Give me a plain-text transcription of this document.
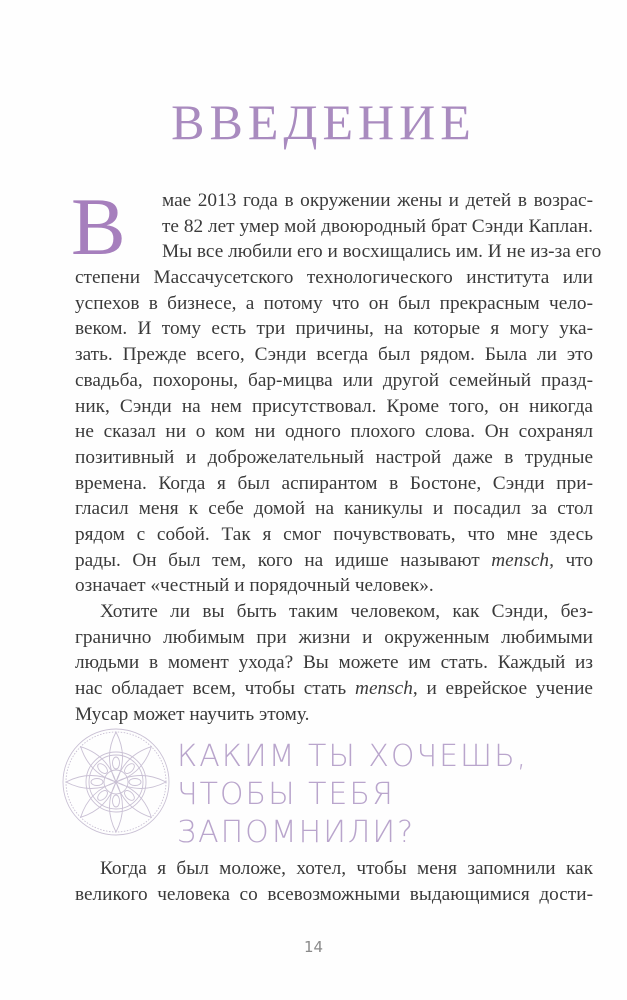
ВВЕДЕНИЕ
В	мае 2013 года в окружении жены и детей в возрас-
те 82 лет умер мой двоюродный брат Сэнди Каплан.
Мы все любили его и восхищались им. И не из-за его
степени Массачусетского технологического института или
успехов в бизнесе, а потому что он был прекрасным чело-
веком. И тому есть три причины, на которые я могу ука-
зать. Прежде всего, Сэнди всегда был рядом. Была ли это
свадьба, похороны, бар-мицва или другой семейный празд-
ник, Сэнди на нем присутствовал. Кроме того, он никогда
не сказал ни о ком ни одного плохого слова. Он сохранял
позитивный и доброжелательный настрой даже в трудные
времена. Когда я был аспирантом в Бостоне, Сэнди при-
гласил меня к себе домой на каникулы и посадил за стол
рядом с собой. Так я смог почувствовать, что мне здесь
рады. Он был тем, кого на идише называют mensch, что
означает «честный и порядочный человек».
Хотите ли вы быть таким человеком, как Сэнди, без-
гранично любимым при жизни и окруженным любимыми
людьми в момент ухода? Вы можете им стать. Каждый из
нас обладает всем, чтобы стать mensch, и еврейское учение
Мусар может научить этому.
КАКИМ ТЫ ХОЧЕШЬ,
ЧТОБЫ ТЕБЯ ЗАПОМНИЛИ?
Когда я был моложе, хотел, чтобы меня запомнили как
великого человека со всевозможными выдающимися дости-
14
